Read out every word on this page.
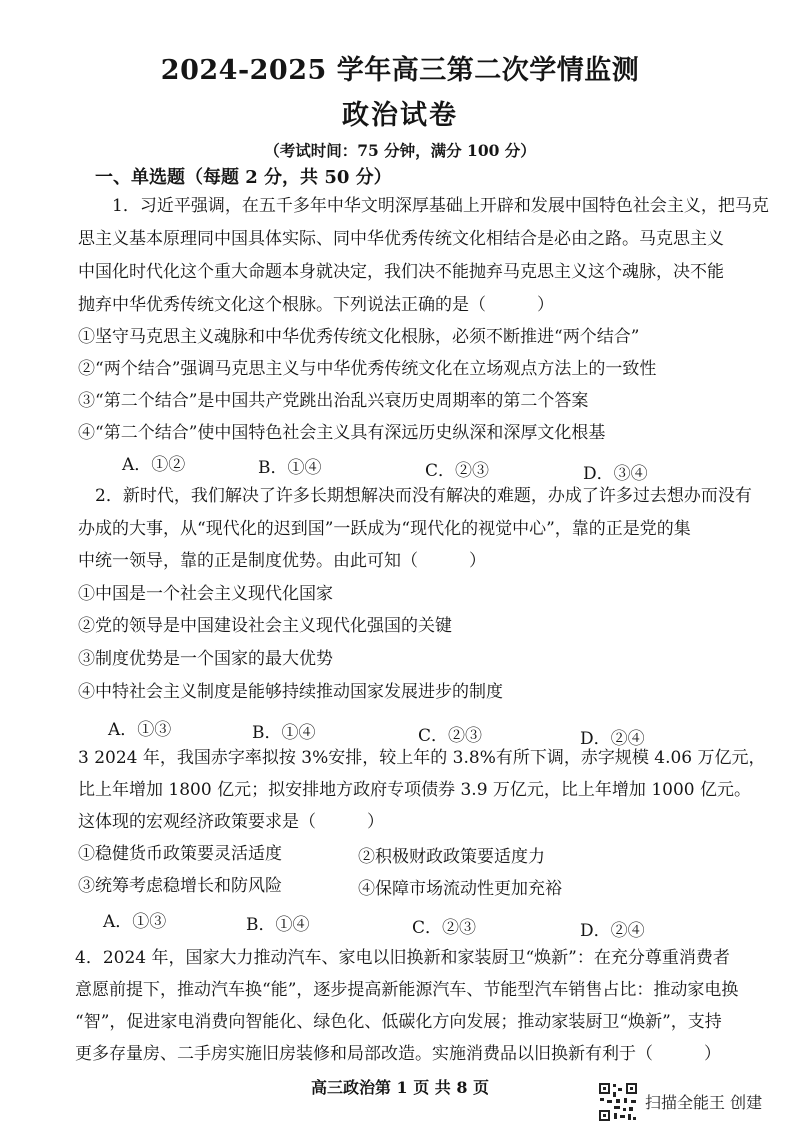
2024-2025 学年高三第二次学情监测
政治试卷
（考试时间：75 分钟，满分 100 分）
一、单选题（每题 2 分，共 50 分）
1．习近平强调，在五千多年中华文明深厚基础上开辟和发展中国特色社会主义，把马克
思主义基本原理同中国具体实际、同中华优秀传统文化相结合是必由之路。马克思主义
中国化时代化这个重大命题本身就决定，我们决不能抛弃马克思主义这个魂脉，决不能
抛弃中华优秀传统文化这个根脉。下列说法正确的是（　　　）
①坚守马克思主义魂脉和中华优秀传统文化根脉，必须不断推进“两个结合”
②“两个结合”强调马克思主义与中华优秀传统文化在立场观点方法上的一致性
③“第二个结合”是中国共产党跳出治乱兴衰历史周期率的第二个答案
④“第二个结合”使中国特色社会主义具有深远历史纵深和深厚文化根基
A．①②	B．①④	C．②③	D．③④
2．新时代，我们解决了许多长期想解决而没有解决的难题，办成了许多过去想办而没有
办成的大事，从“现代化的迟到国”一跃成为“现代化的视觉中心”，靠的正是党的集
中统一领导，靠的正是制度优势。由此可知（　　　）
①中国是一个社会主义现代化国家
②党的领导是中国建设社会主义现代化强国的关键
③制度优势是一个国家的最大优势
④中特社会主义制度是能够持续推动国家发展进步的制度
A．①③	B．①④	C．②③	D．②④
3 2024 年，我国赤字率拟按 3%安排，较上年的 3.8%有所下调，赤字规模 4.06 万亿元，
比上年增加 1800 亿元；拟安排地方政府专项债券 3.9 万亿元，比上年增加 1000 亿元。
这体现的宏观经济政策要求是（　　　）
①稳健货币政策要灵活适度	②积极财政政策要适度力
③统筹考虑稳增长和防风险	④保障市场流动性更加充裕
A．①③	B．①④	C．②③	D．②④
4．2024 年，国家大力推动汽车、家电以旧换新和家装厨卫“焕新”：在充分尊重消费者
意愿前提下，推动汽车换“能”，逐步提高新能源汽车、节能型汽车销售占比：推动家电换
“智”，促进家电消费向智能化、绿色化、低碳化方向发展；推动家装厨卫“焕新”，支持
更多存量房、二手房实施旧房装修和局部改造。实施消费品以旧换新有利于（　　　）
高三政治第 1 页 共 8 页
扫描全能王 创建
